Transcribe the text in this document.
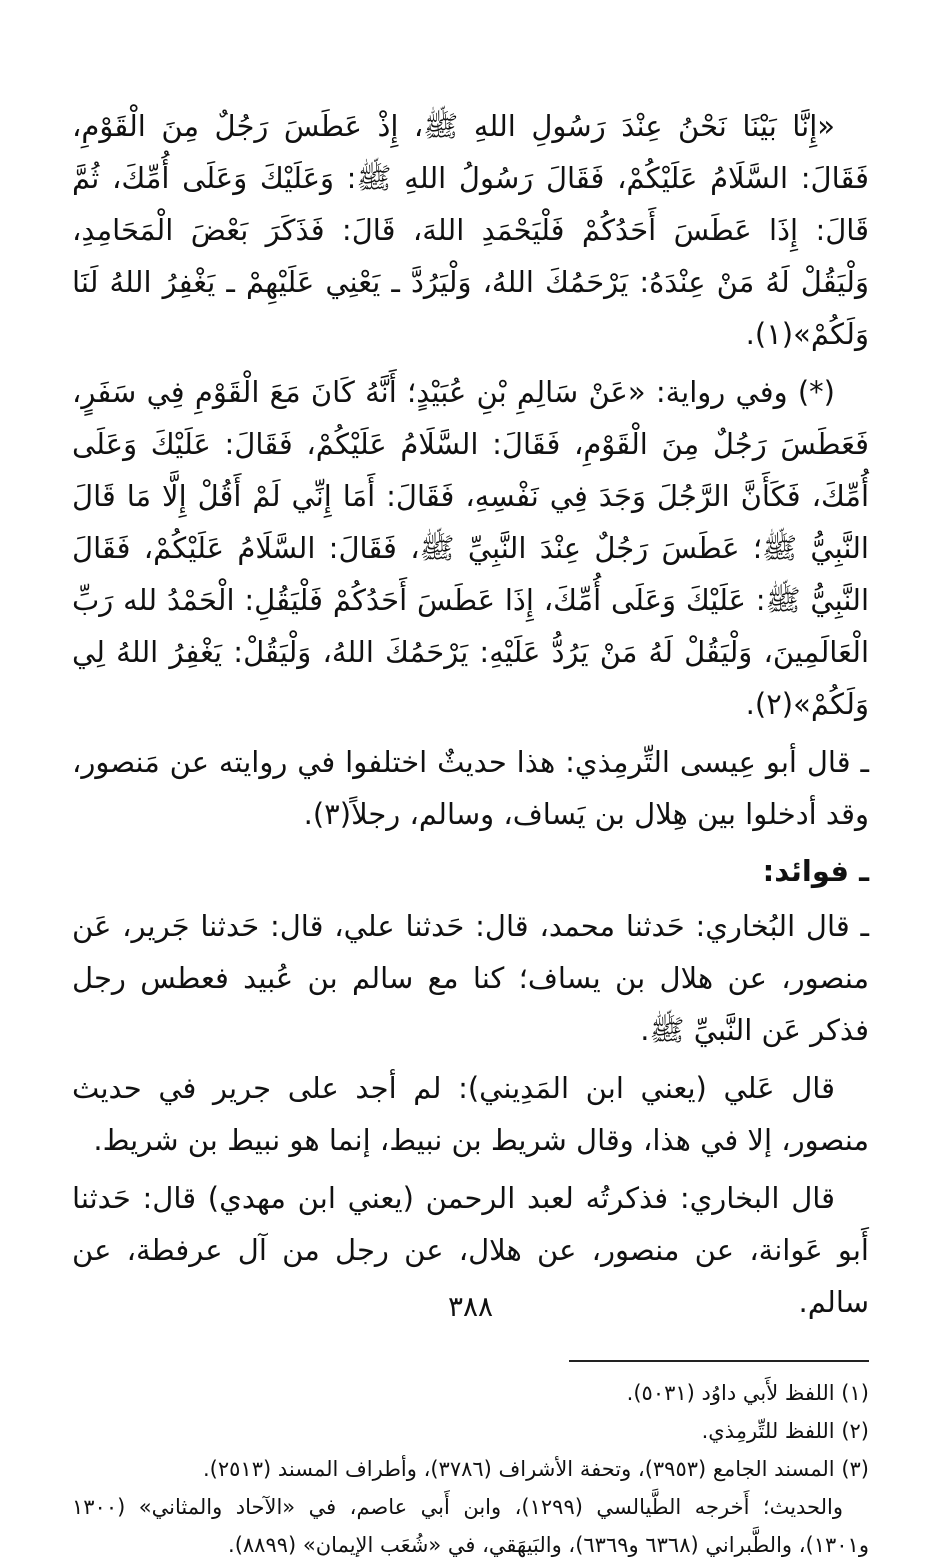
«إِنَّا بَيْنَا نَحْنُ عِنْدَ رَسُولِ اللهِ ﷺ، إِذْ عَطَسَ رَجُلٌ مِنَ الْقَوْمِ، فَقَالَ: السَّلَامُ عَلَيْكُمْ، فَقَالَ رَسُولُ اللهِ ﷺ: وَعَلَيْكَ وَعَلَى أُمِّكَ، ثُمَّ قَالَ: إِذَا عَطَسَ أَحَدُكُمْ فَلْيَحْمَدِ اللهَ، قَالَ: فَذَكَرَ بَعْضَ الْمَحَامِدِ، وَلْيَقُلْ لَهُ مَنْ عِنْدَهُ: يَرْحَمُكَ اللهُ، وَلْيَرُدَّ ـ يَعْنِي عَلَيْهِمْ ـ يَغْفِرُ اللهُ لَنَا وَلَكُمْ»(١).

(*) وفي رواية: «عَنْ سَالِمِ بْنِ عُبَيْدٍ؛ أَنَّهُ كَانَ مَعَ الْقَوْمِ فِي سَفَرٍ، فَعَطَسَ رَجُلٌ مِنَ الْقَوْمِ، فَقَالَ: السَّلَامُ عَلَيْكُمْ، فَقَالَ: عَلَيْكَ وَعَلَى أُمِّكَ، فَكَأَنَّ الرَّجُلَ وَجَدَ فِي نَفْسِهِ، فَقَالَ: أَمَا إِنِّي لَمْ أَقُلْ إِلَّا مَا قَالَ النَّبِيُّ ﷺ؛ عَطَسَ رَجُلٌ عِنْدَ النَّبِيِّ ﷺ، فَقَالَ: السَّلَامُ عَلَيْكُمْ، فَقَالَ النَّبِيُّ ﷺ: عَلَيْكَ وَعَلَى أُمِّكَ، إِذَا عَطَسَ أَحَدُكُمْ فَلْيَقُلِ: الْحَمْدُ لله رَبِّ الْعَالَمِينَ، وَلْيَقُلْ لَهُ مَنْ يَرُدُّ عَلَيْهِ: يَرْحَمُكَ اللهُ، وَلْيَقُلْ: يَغْفِرُ اللهُ لِي وَلَكُمْ»(٢).

ـ قال أبو عِيسى التِّرمِذي: هذا حديثٌ اختلفوا في روايته عن مَنصور، وقد أدخلوا بين هِلال بن يَساف، وسالم، رجلاً(٣).

ـ فوائد:

ـ قال البُخاري: حَدثنا محمد، قال: حَدثنا علي، قال: حَدثنا جَرير، عَن منصور، عن هلال بن يساف؛ كنا مع سالم بن عُبيد فعطس رجل فذكر عَن النَّبيِّ ﷺ.

قال عَلي (يعني ابن المَدِيني): لم أجد على جرير في حديث منصور، إلا في هذا، وقال شريط بن نبيط، إنما هو نبيط بن شريط.

قال البخاري: فذكرتُه لعبد الرحمن (يعني ابن مهدي) قال: حَدثنا أَبو عَوانة، عن منصور، عن هلال، عن رجل من آل عرفطة، عن سالم.

(١) اللفظ لأَبي داوُد (٥٠٣١).

(٢) اللفظ للتِّرمِذي.

(٣) المسند الجامع (٣٩٥٣)، وتحفة الأشراف (٣٧٨٦)، وأطراف المسند (٢٥١٣).

والحديث؛ أَخرجه الطَّيالسي (١٢٩٩)، وابن أَبي عاصم، في «الآحاد والمثاني» (١٣٠٠ و١٣٠١)، والطَّبراني (٦٣٦٨ و٦٣٦٩)، والبَيهَقي، في «شُعَب الإيمان» (٨٨٩٩).

٣٨٨
